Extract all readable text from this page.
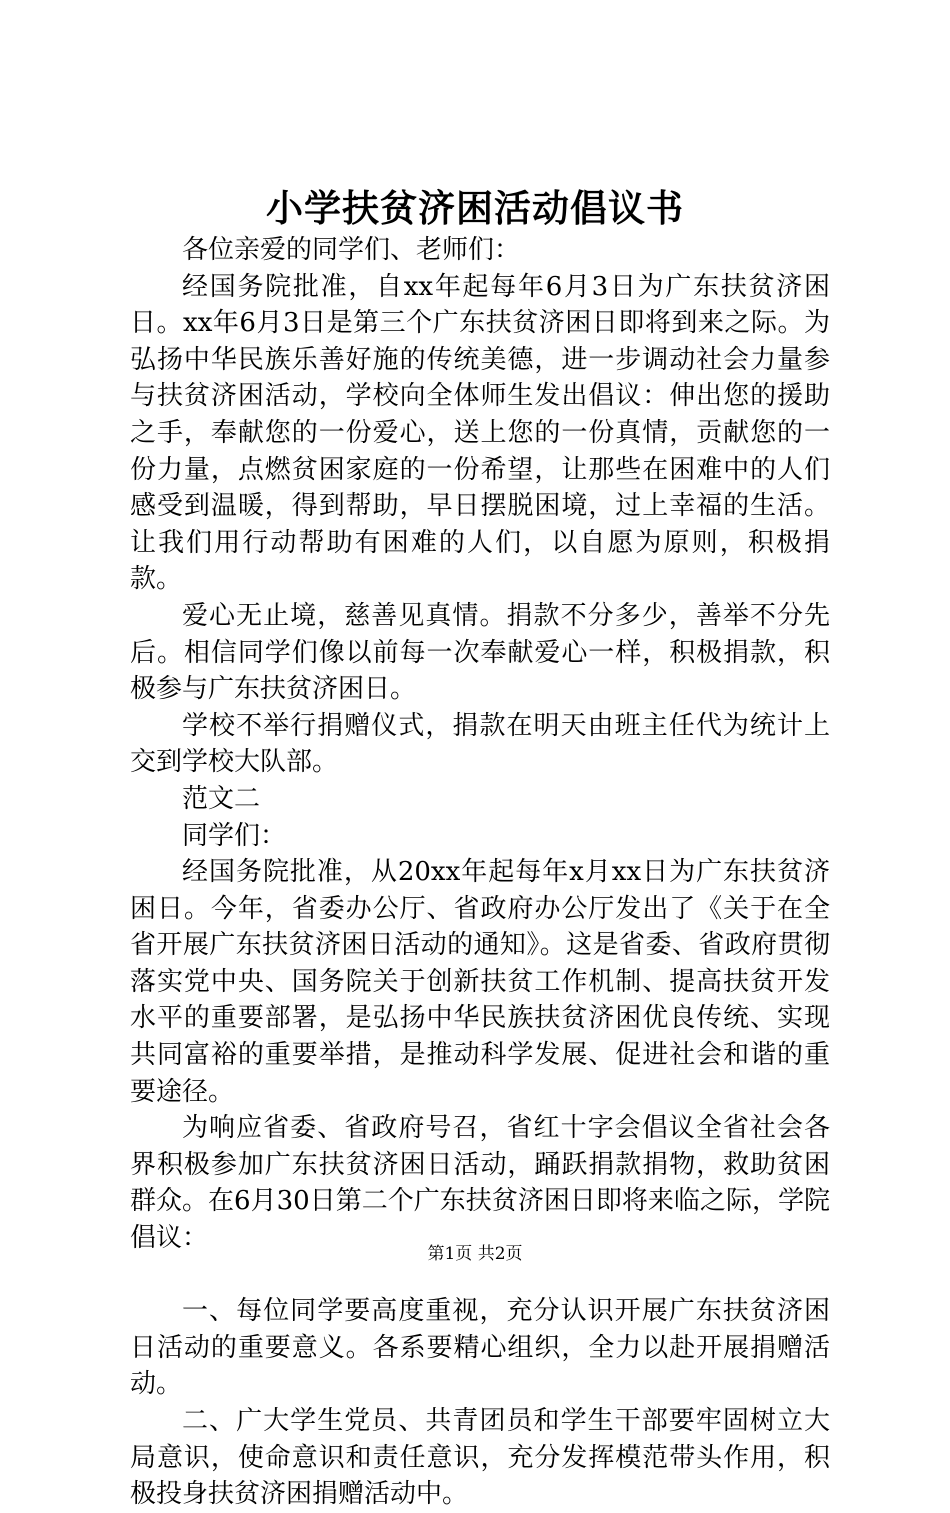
小学扶贫济困活动倡议书

各位亲爱的同学们、老师们：

经国务院批准，自xx年起每年6月3日为广东扶贫济困日。xx年6月3日是第三个广东扶贫济困日即将到来之际。为弘扬中华民族乐善好施的传统美德，进一步调动社会力量参与扶贫济困活动，学校向全体师生发出倡议：伸出您的援助之手，奉献您的一份爱心，送上您的一份真情，贡献您的一份力量，点燃贫困家庭的一份希望，让那些在困难中的人们感受到温暖，得到帮助，早日摆脱困境，过上幸福的生活。让我们用行动帮助有困难的人们，以自愿为原则，积极捐款。

爱心无止境，慈善见真情。捐款不分多少，善举不分先后。相信同学们像以前每一次奉献爱心一样，积极捐款，积极参与广东扶贫济困日。

学校不举行捐赠仪式，捐款在明天由班主任代为统计上交到学校大队部。

范文二

同学们：

经国务院批准，从20xx年起每年x月xx日为广东扶贫济困日。今年，省委办公厅、省政府办公厅发出了《关于在全省开展广东扶贫济困日活动的通知》。这是省委、省政府贯彻落实党中央、国务院关于创新扶贫工作机制、提高扶贫开发水平的重要部署，是弘扬中华民族扶贫济困优良传统、实现共同富裕的重要举措，是推动科学发展、促进社会和谐的重要途径。

为响应省委、省政府号召，省红十字会倡议全省社会各界积极参加广东扶贫济困日活动，踊跃捐款捐物，救助贫困群众。在6月30日第二个广东扶贫济困日即将来临之际，学院倡议：

一、每位同学要高度重视，充分认识开展广东扶贫济困日活动的重要意义。各系要精心组织，全力以赴开展捐赠活动。

二、广大学生党员、共青团员和学生干部要牢固树立大局意识，使命意识和责任意识，充分发挥模范带头作用，积极投身扶贫济困捐赠活动中。

第1页 共2页
